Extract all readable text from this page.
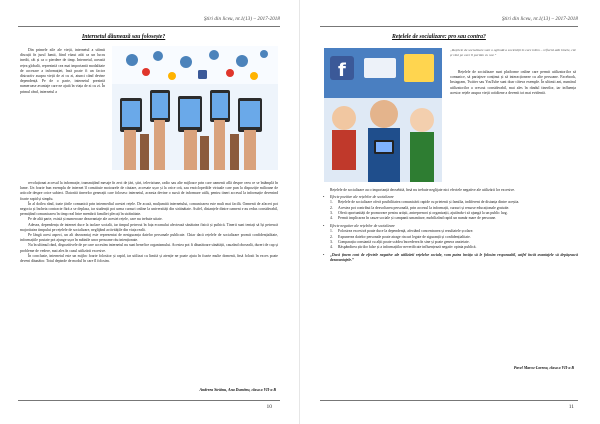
Ştiri din liceu, nr.1(13) – 2017-2018
Internetul dăunează sau folosește?

Din primele zile ale vieții, internetul a stârnit discuții în jurul lumii, fiind văzut atât ca un lucru inedit, cât și ca o pierdere de timp. Internetul, această rețea globală, reprezintă cea mai importantă modalitate de accesare a informației, însă poate fi un factor distructiv asupra vieții de zi cu zi, atunci când devine dependență. Pe de o parte, internetul prezintă numeroase avantaje care ne ajută în viața de zi cu zi. În primul rând, internetul a

revoluționat accesul la informație, transmițând mesaje în zeci de țări, știri, televiziune, radio sau alte mijloace prin care oamenii află despre ceea ce se întâmplă în lume. Un foarte bun exemplu de internet îl constituie motoarele de căutare, accesate ușor și la orice oră, sau enciclopediile virtuale care pun la dispoziție milioane de articole despre orice subiect. Datorită tinerelor generații care folosesc internetul, aceasta devine o sursă de informare utilă, pentru tineri accesul la informație devenind foarte rapid și simplu.

În al doilea rând, toate țările comunică prin intermediul acestei rețele. De acasă, mulțumită internetului, comunicarea este mult mai facilă. Oamenii de afaceri pot negocia și încheia contracte fără a se deplasa, iar studenții pot urma cursuri online la universități din străinătate. Astfel, distanțele dintre oameni s-au redus considerabil, permițând comunicarea în timp real între membrii familiei plecați în străinătate.

Pe de altă parte, există și numeroase dezavantaje ale acestei rețele, care nu trebuie uitate.

Adesea, dependența de internet duce la izolare socială, iar timpul petrecut în fața ecranului afectează sănătatea fizică și psihică. Tinerii sunt tentați să își petreacă majoritatea timpului pe rețelele de socializare, neglijând activitățile din viața reală.

Pe lângă acest aspect, un alt dezavantaj este reprezentat de nesiguranța datelor personale publicate. Chiar dacă rețelele de socializare promit confidențialitate, informațiile postate pot ajunge ușor în mâinile unor persoane rău intenționate.

Nu în ultimul rând, dispozitivele de pe care accesăm internetul nu sunt benefice organismului. Acestea pot fi dăunătoare sănătății, cauzând oboseală, dureri de cap și probleme de vedere, mai ales în cazul utilizării excesive.

În concluzie, internetul este un mijloc foarte folositor și rapid, iar utilizat cu limită și atenție ne poate ajuta în foarte multe domenii, însă folosit în exces poate deveni dăunător. Totul depinde de modul în care îl folosim.

Andreea Străinu, Ana Dumitru, clasa a VII-a B
10
Ştiri din liceu, nr.1(13) – 2017-2018
Rețelele de socializare: pro sau contra?
„Rețelele de socializare sunt o oglindă a societății în care trăim – reflectă atât binele, cât și răul pe care îl purtăm cu noi.”
f	Rețelele de socializare sunt platforme online care permit utilizatorilor să comunice, să partajeze conținut și să interacționeze cu alte persoane. Facebook, Instagram, Twitter sau YouTube sunt doar câteva exemple. În ultimii ani, numărul utilizatorilor a crescut considerabil, mai ales în rândul tinerilor, iar influența acestor rețele asupra vieții cotidiene a devenit tot mai evidentă.

Rețelele de socializare au o importanță deosebită, însă nu trebuie neglijate nici efectele negative ale utilizării lor excesive.

• Efecte pozitive ale rețelelor de socializare
1. Rețelele de socializare oferă posibilitatea comunicării rapide cu prietenii și familia, indiferent de distanța dintre aceștia.
2. Acestea pot contribui la dezvoltarea personală, prin accesul la informații, cursuri și resurse educaționale gratuite.
3. Oferă oportunități de promovare pentru artiști, antreprenori și organizații, ajutându-i să ajungă la un public larg.
4. Permit implicarea în cauze sociale și campanii umanitare, mobilizând rapid un număr mare de persoane.
• Efecte negative ale rețelelor de socializare
1. Folosirea excesivă poate duce la dependență, afectând concentrarea și rezultatele școlare.
2. Expunerea datelor personale poate atrage riscuri legate de siguranță și confidențialitate.
3. Comparația constantă cu alții poate scădea încrederea în sine și poate genera anxietate.
4. Răspândirea știrilor false și a informațiilor neverificate influențează negativ opinia publică.
• „Dacă ținem cont de efectele negative ale utilizării rețelelor sociale, vom putea învăța să le folosim responsabil, astfel încât avantajele să depășească dezavantajele.”
Pavel Marcu-Lorena, clasa a VII-a B
11
